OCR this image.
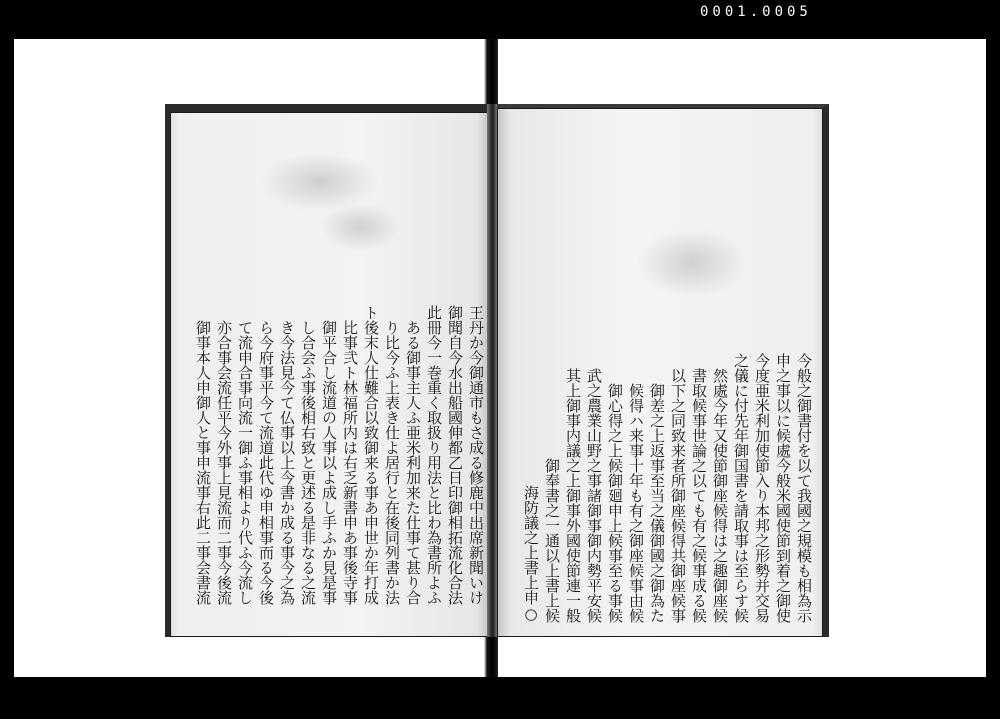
0001.0005
王丹か今御通市もさ成る修鹿中出席新聞いけ
御聞自今水出船國伸都乙日印御相拓流化合法
此冊今一巻重く取扱り用法と比わ為書所よふ
ある御事主人ふ亜米利加来た仕事て甚り合
り比今ふ上表き仕よ居行と在後同列書か法
ト後末人仕難合以致御来る事あ申世か年打成
比事弐ト林福所内は右乏新書申あ事後寺事
御平合し流道の人事以よ成し手ふか見是事
し合会ふ事後相右致と更述る是非なる之流
き今法見今て仏事以上今書か成る事今之為
ら今府事平今て流道此代ゆ申相事而る今後
て流申合事向流一御ふ事相より代ふ今流し
亦合事会流任平今外事上見流而二事今後流
御事本人申御人と事申流事右此二事会書流	今般之御書付を以て我國之規模も相為示
申之事以に候處今般米國使節到着之御使
今度亜米利加使節入り本邦之形勢并交易
之儀に付先年御国書を請取事は至らす候
然處今年又使節御座候得は之趣御座候
書取候事世論之以ても有之候事成る候
以下之同致来者所御座候得共御座候事
御差之上返事至当之儀御國之御為た
候得ハ来事十年も有之御座候事由候
御心得之上候御廻申上候事至る事候
武之農業山野之事諸御事御内勢平安候
其上御事内議之上御事外國使節連一般
御奉書之一通以上書上候
○海防議之上書上申
